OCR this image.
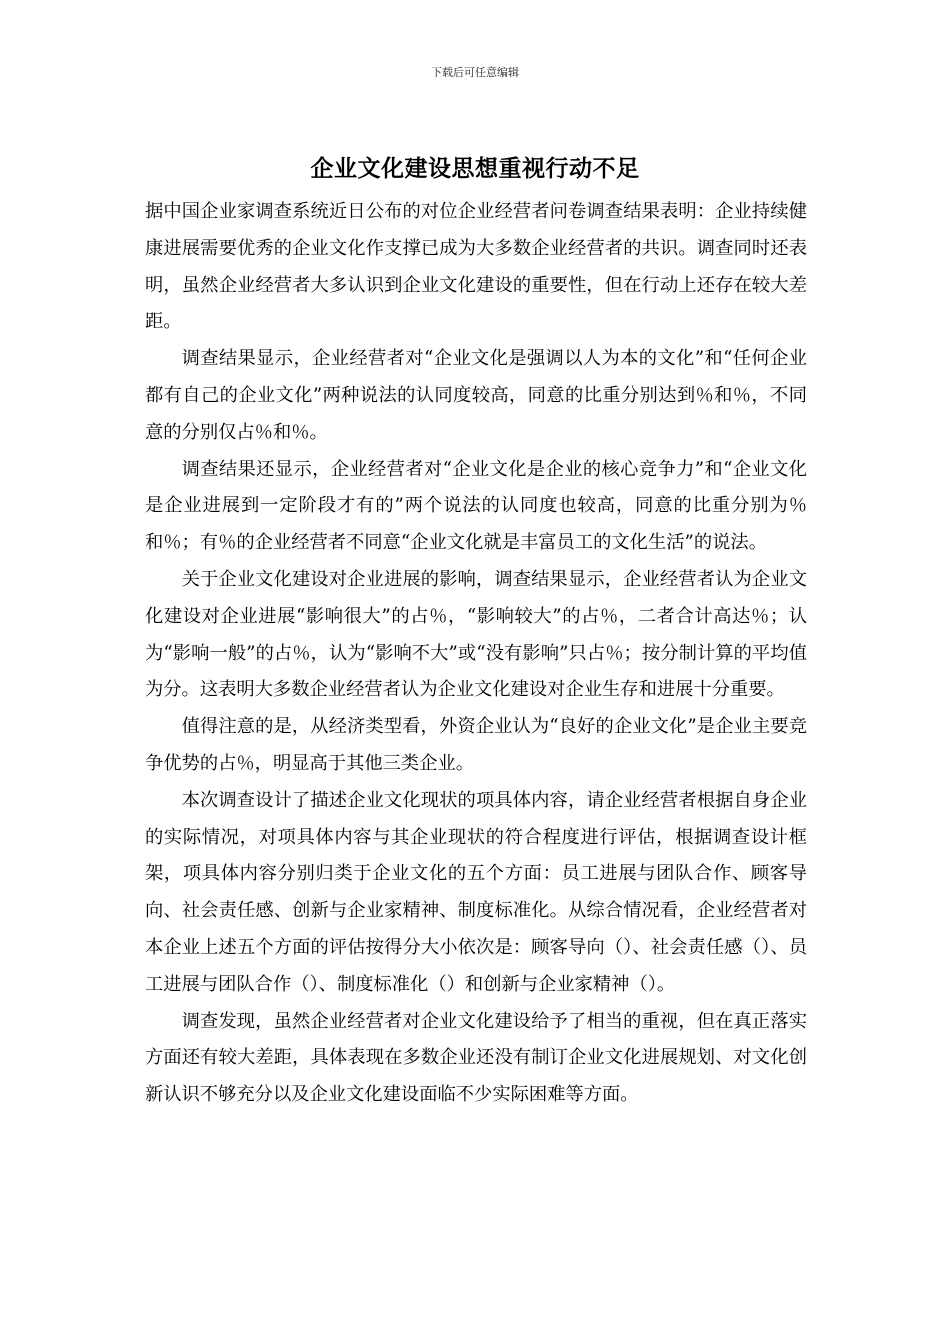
下载后可任意编辑
企业文化建设思想重视行动不足

据中国企业家调查系统近日公布的对位企业经营者问卷调查结果表明：企业持续健康进展需要优秀的企业文化作支撑已成为大多数企业经营者的共识。调查同时还表明，虽然企业经营者大多认识到企业文化建设的重要性，但在行动上还存在较大差距。

调查结果显示，企业经营者对“企业文化是强调以人为本的文化”和“任何企业都有自己的企业文化”两种说法的认同度较高，同意的比重分别达到％和％，不同意的分别仅占％和％。

调查结果还显示，企业经营者对“企业文化是企业的核心竞争力”和“企业文化是企业进展到一定阶段才有的”两个说法的认同度也较高，同意的比重分别为％和％；有％的企业经营者不同意“企业文化就是丰富员工的文化生活”的说法。

关于企业文化建设对企业进展的影响，调查结果显示，企业经营者认为企业文化建设对企业进展“影响很大”的占％，“影响较大”的占％，二者合计高达％；认为“影响一般”的占％，认为“影响不大”或“没有影响”只占％；按分制计算的平均值为分。这表明大多数企业经营者认为企业文化建设对企业生存和进展十分重要。

值得注意的是，从经济类型看，外资企业认为“良好的企业文化”是企业主要竞争优势的占％，明显高于其他三类企业。

本次调查设计了描述企业文化现状的项具体内容，请企业经营者根据自身企业的实际情况，对项具体内容与其企业现状的符合程度进行评估，根据调查设计框架，项具体内容分别归类于企业文化的五个方面：员工进展与团队合作、顾客导向、社会责任感、创新与企业家精神、制度标准化。从综合情况看，企业经营者对本企业上述五个方面的评估按得分大小依次是：顾客导向（）、社会责任感（）、员工进展与团队合作（）、制度标准化（）和创新与企业家精神（）。

调查发现，虽然企业经营者对企业文化建设给予了相当的重视，但在真正落实方面还有较大差距，具体表现在多数企业还没有制订企业文化进展规划、对文化创新认识不够充分以及企业文化建设面临不少实际困难等方面。
